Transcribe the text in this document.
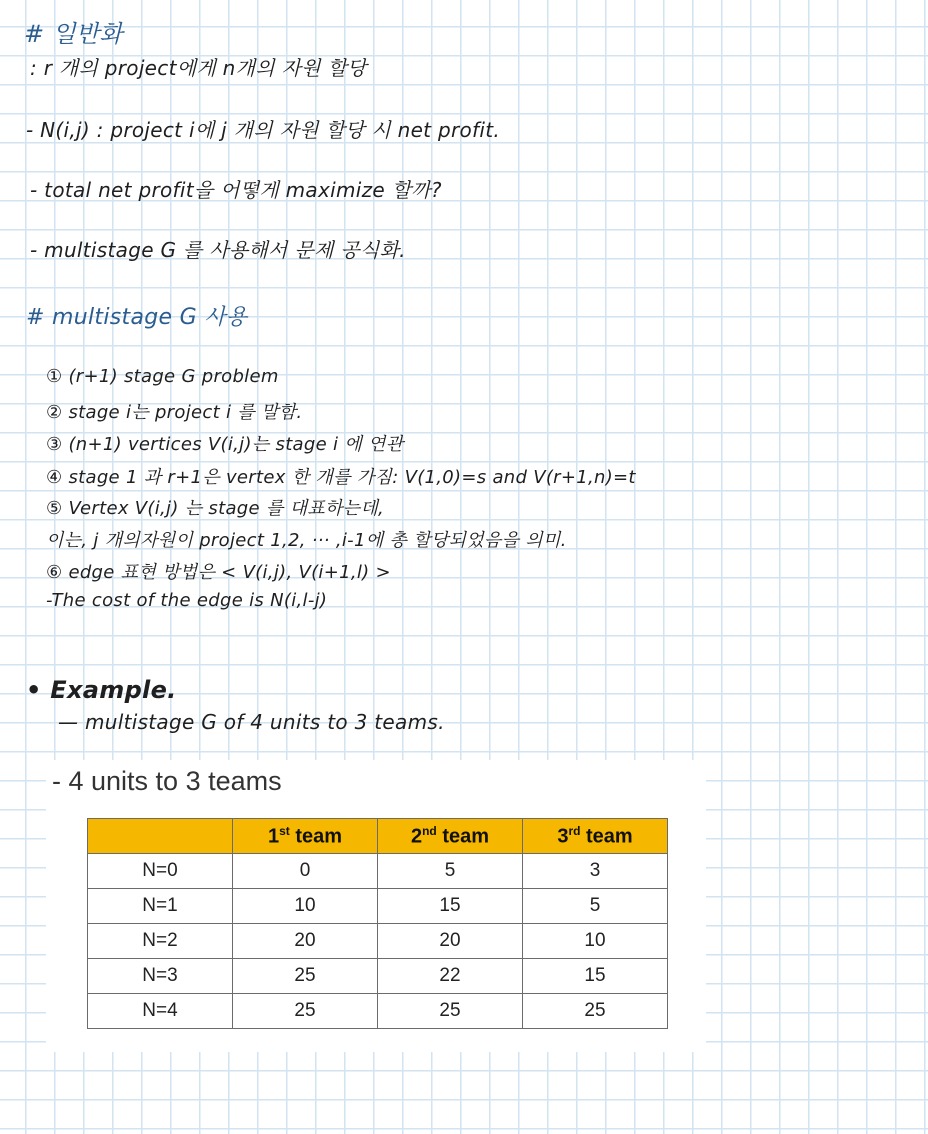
# 일반화
: r 개의 project에게 n개의 자원 할당
- N(i,j) : project i에 j 개의 자원 할당 시 net profit.
- total net profit을 어떻게 maximize 할까?
- multistage G 를 사용해서 문제 공식화.
# multistage G 사용
① (r+1) stage G problem
② stage i는 project i 를 말함.
③ (n+1) vertices V(i,j)는 stage i 에 연관
④ stage 1 과 r+1은 vertex 한 개를 가짐: V(1,0)=s and V(r+1,n)=t
⑤ Vertex V(i,j) 는 stage 를 대표하는데,
이는, j 개의자원이 project 1,2, ··· ,i-1에 총 할당되었음을 의미.
⑥ edge 표현 방법은 < V(i,j), V(i+1,l) >
-The cost of the edge is N(i,l-j)
• Example.
— multistage G of 4 units to 3 teams.
- 4 units to 3 teams
	1st team	2nd team	3rd team
N=0	0	5	3
N=1	10	15	5
N=2	20	20	10
N=3	25	22	15
N=4	25	25	25
